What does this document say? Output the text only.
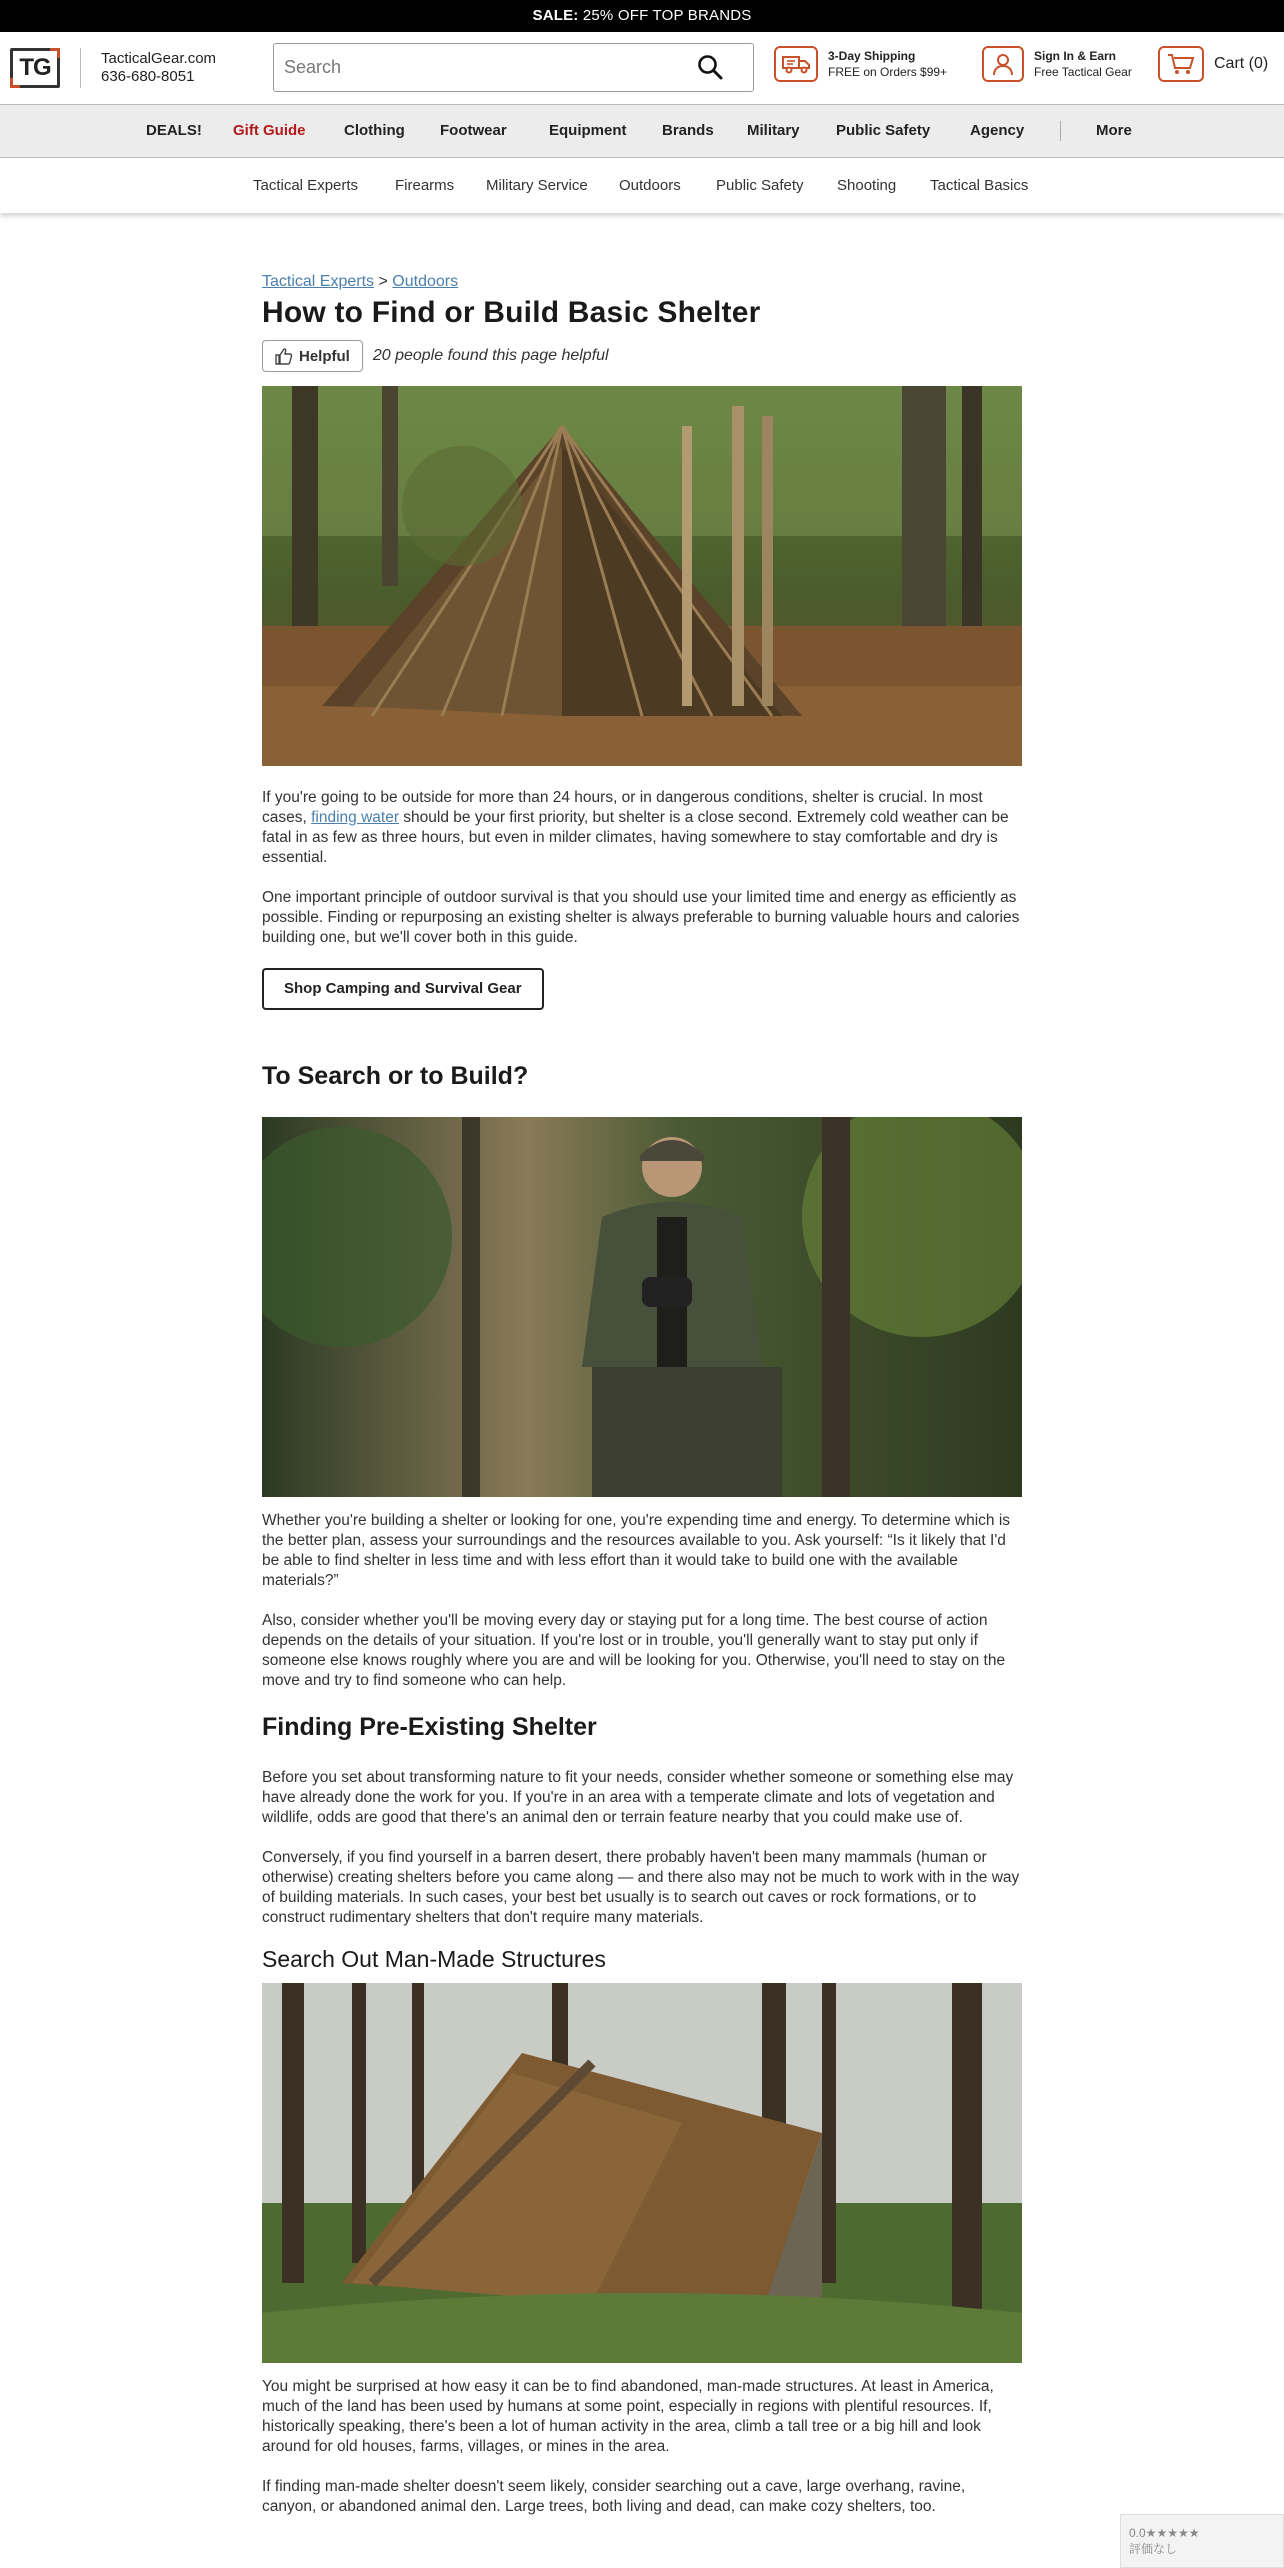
SALE: 25% OFF TOP BRANDS
TG	TacticalGear.com
636-680-8051
Search
3-Day Shipping
FREE on Orders $99+
Sign In & Earn
Free Tactical Gear	Cart (0)
DEALS! Gift Guide	Clothing Footwear	Equipment Brands Military Public Safety	Agency	More
Tactical Experts Firearms Military Service Outdoors Public Safety Shooting Tactical Basics
Tactical Experts > Outdoors
How to Find or Build Basic Shelter
Helpful 20 people found this page helpful

If you're going to be outside for more than 24 hours, or in dangerous conditions, shelter is crucial. In most cases, finding water should be your first priority, but shelter is a close second. Extremely cold weather can be fatal in as few as three hours, but even in milder climates, having somewhere to stay comfortable and dry is essential.

One important principle of outdoor survival is that you should use your limited time and energy as efficiently as possible. Finding or repurposing an existing shelter is always preferable to burning valuable hours and calories building one, but we'll cover both in this guide.

Shop Camping and Survival Gear
To Search or to Build?

Whether you're building a shelter or looking for one, you're expending time and energy. To determine which is the better plan, assess your surroundings and the resources available to you. Ask yourself: “Is it likely that I'd be able to find shelter in less time and with less effort than it would take to build one with the available materials?”

Also, consider whether you'll be moving every day or staying put for a long time. The best course of action depends on the details of your situation. If you're lost or in trouble, you'll generally want to stay put only if someone else knows roughly where you are and will be looking for you. Otherwise, you'll need to stay on the move and try to find someone who can help.

Finding Pre-Existing Shelter

Before you set about transforming nature to fit your needs, consider whether someone or something else may have already done the work for you. If you're in an area with a temperate climate and lots of vegetation and wildlife, odds are good that there's an animal den or terrain feature nearby that you could make use of.

Conversely, if you find yourself in a barren desert, there probably haven't been many mammals (human or otherwise) creating shelters before you came along — and there also may not be much to work with in the way of building materials. In such cases, your best bet usually is to search out caves or rock formations, or to construct rudimentary shelters that don't require many materials.

Search Out Man-Made Structures

You might be surprised at how easy it can be to find abandoned, man-made structures. At least in America, much of the land has been used by humans at some point, especially in regions with plentiful resources. If, historically speaking, there's been a lot of human activity in the area, climb a tall tree or a big hill and look around for old houses, farms, villages, or mines in the area.

If finding man-made shelter doesn't seem likely, consider searching out a cave, large overhang, ravine, canyon, or abandoned animal den. Large trees, both living and dead, can make cozy shelters, too.

0.0★★★★★
評価なし
